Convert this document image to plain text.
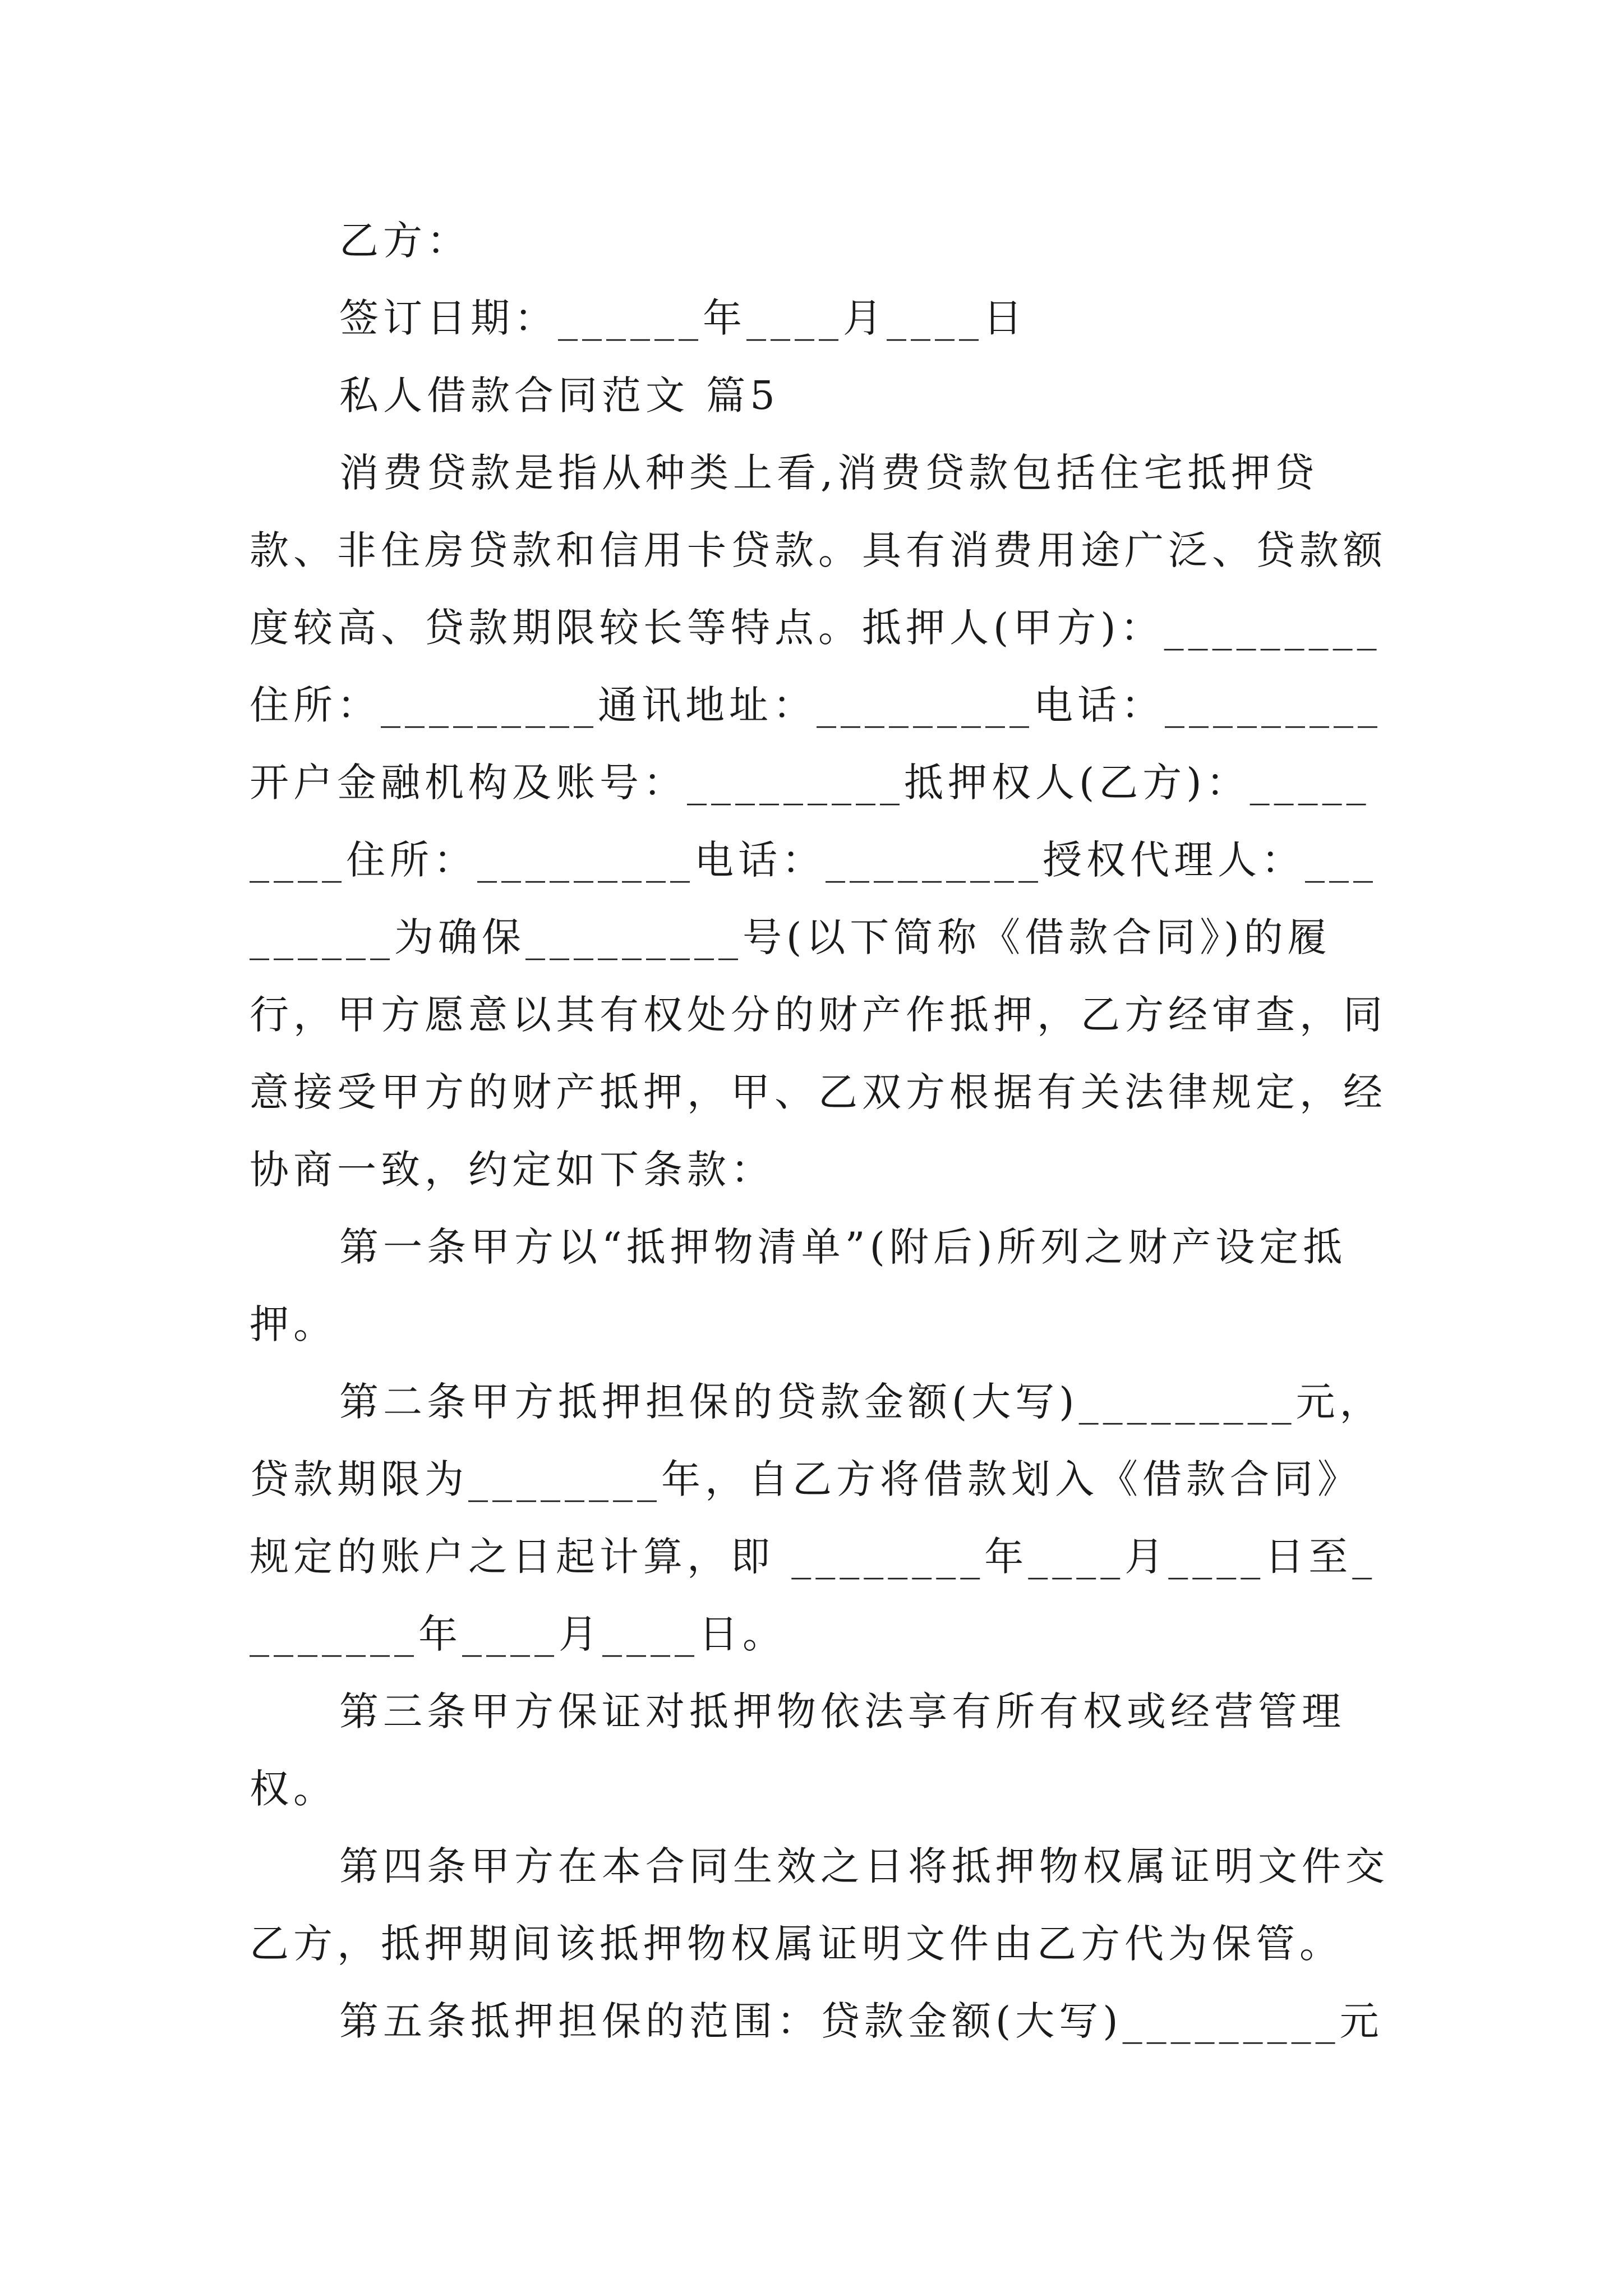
乙方：

签订日期：______年____月____日

私人借款合同范文 篇5

消费贷款是指从种类上看,消费贷款包括住宅抵押贷款、非住房贷款和信用卡贷款。具有消费用途广泛、贷款额度较高、贷款期限较长等特点。抵押人(甲方)：_________住所：_________通讯地址：_________电话：_________开户金融机构及账号：_________抵押权人(乙方)：_________住所：_________电话：_________授权代理人：_________为确保_________号(以下简称《借款合同》)的履行，甲方愿意以其有权处分的财产作抵押，乙方经审查，同意接受甲方的财产抵押，甲、乙双方根据有关法律规定，经协商一致，约定如下条款：

第一条甲方以“抵押物清单”(附后)所列之财产设定抵押。

第二条甲方抵押担保的贷款金额(大写)_________元，贷款期限为________年，自乙方将借款划入《借款合同》规定的账户之日起计算，即 ________年____月____日至________年____月____日。

第三条甲方保证对抵押物依法享有所有权或经营管理权。

第四条甲方在本合同生效之日将抵押物权属证明文件交乙方，抵押期间该抵押物权属证明文件由乙方代为保管。

第五条抵押担保的范围：贷款金额(大写)_________元
